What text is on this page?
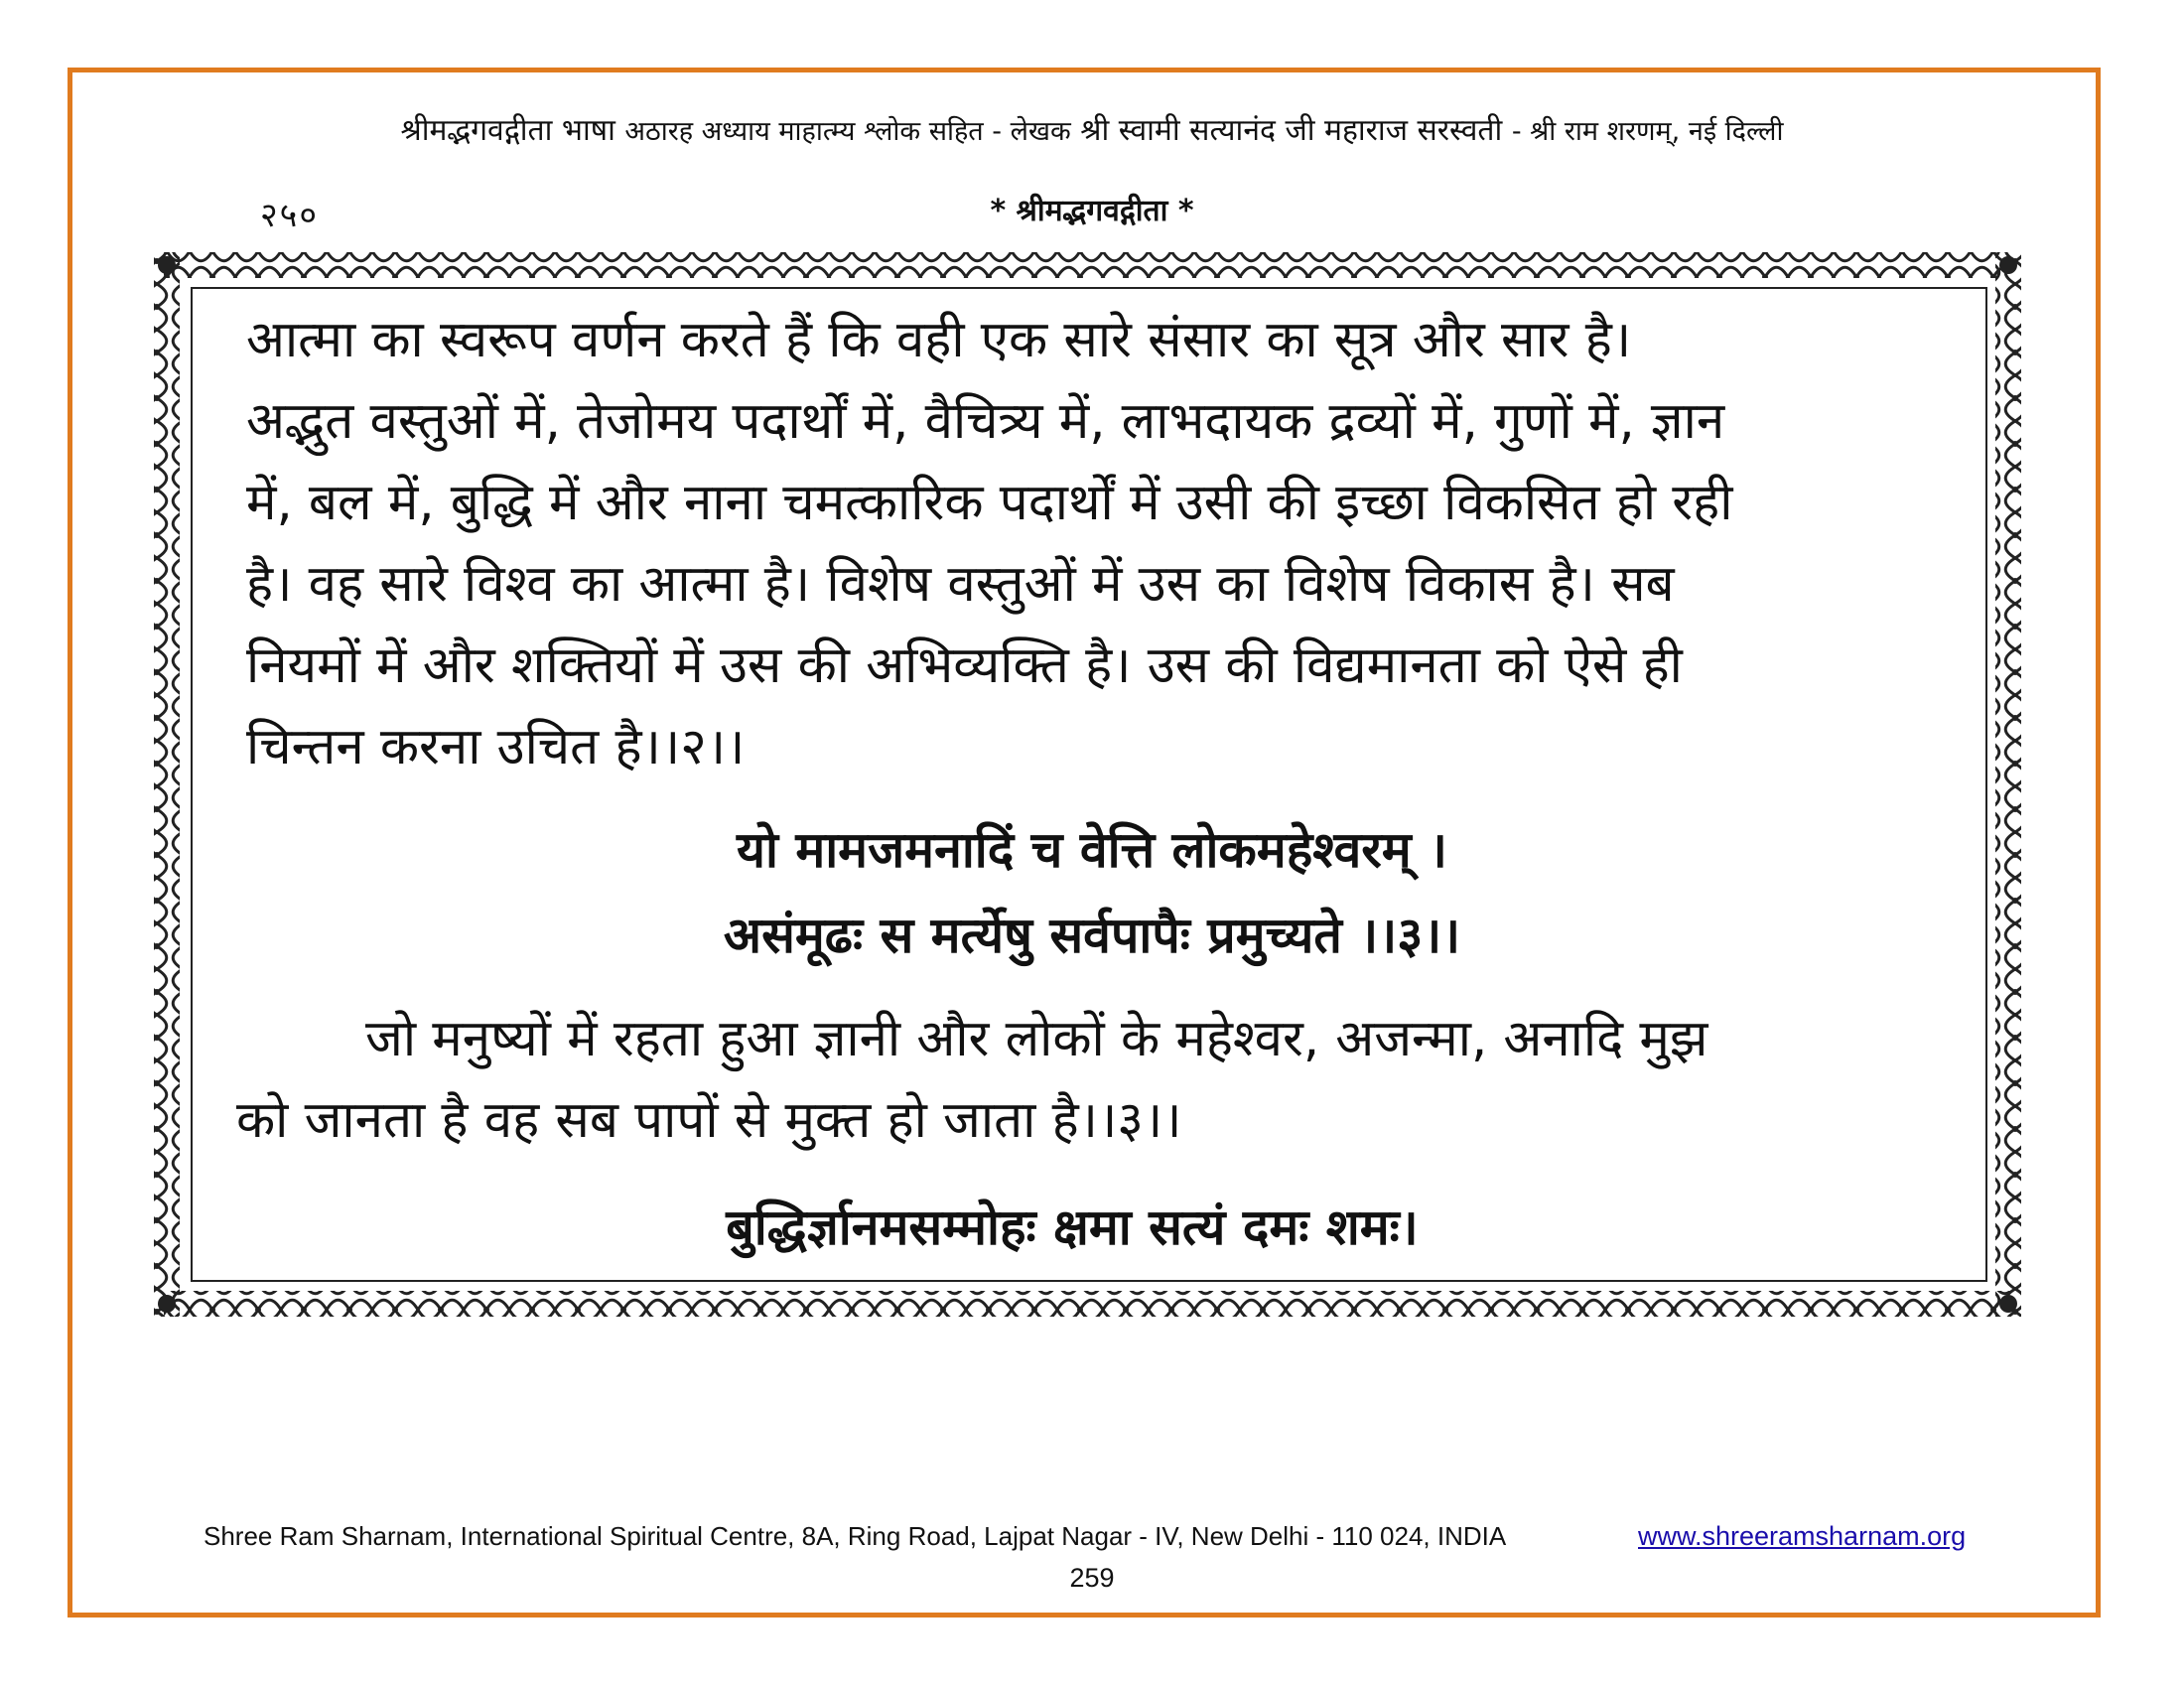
श्रीमद्भगवद्गीता भाषा अठारह अध्याय माहात्म्य श्लोक सहित - लेखक श्री स्वामी सत्यानंद जी महाराज सरस्वती - श्री राम शरणम्, नई दिल्ली
२५०	* श्रीमद्भगवद्गीता *
आत्मा का स्वरूप वर्णन करते हैं कि वही एक सारे संसार का सूत्र और सार है।
अद्भुत वस्तुओं में, तेजोमय पदार्थों में, वैचित्र्य में, लाभदायक द्रव्यों में, गुणों में, ज्ञान
में, बल में, बुद्धि में और नाना चमत्कारिक पदार्थों में उसी की इच्छा विकसित हो रही
है। वह सारे विश्व का आत्मा है। विशेष वस्तुओं में उस का विशेष विकास है। सब
नियमों में और शक्तियों में उस की अभिव्यक्ति है। उस की विद्यमानता को ऐसे ही
चिन्तन करना उचित है।।२।।
यो मामजमनादिं च वेत्ति लोकमहेश्वरम् ।
असंमूढः स मर्त्येषु सर्वपापैः प्रमुच्यते ।।३।।
जो मनुष्यों में रहता हुआ ज्ञानी और लोकों के महेश्वर, अजन्मा, अनादि मुझ
को जानता है वह सब पापों से मुक्त हो जाता है।।३।।
बुद्धिर्ज्ञानमसम्मोहः क्षमा सत्यं दमः शमः।
Shree Ram Sharnam, International Spiritual Centre, 8A, Ring Road, Lajpat Nagar - IV, New Delhi - 110 024, INDIA	www.shreeramsharnam.org
259
